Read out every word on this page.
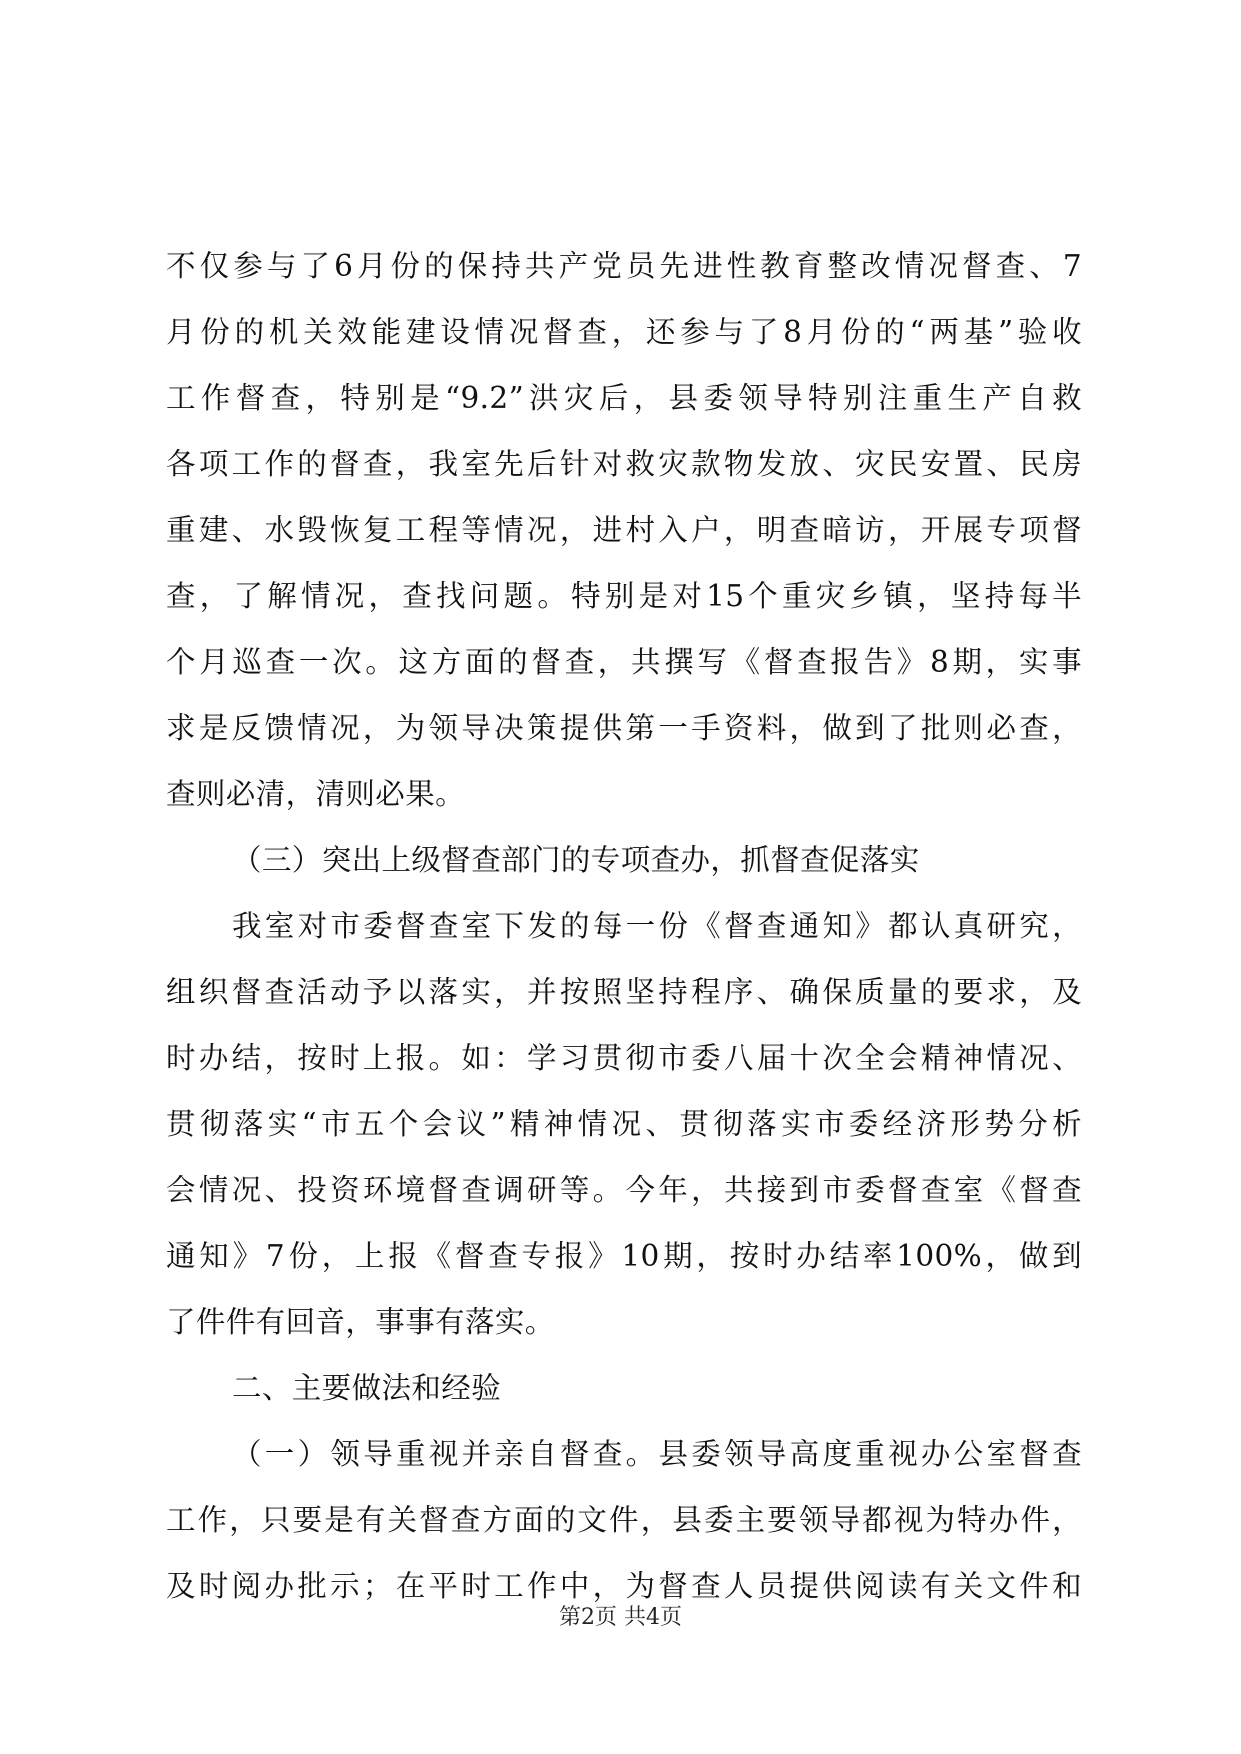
不仅参与了6月份的保持共产党员先进性教育整改情况督查、7
月份的机关效能建设情况督查，还参与了8月份的“两基”验收
工作督查，特别是“9.2”洪灾后，县委领导特别注重生产自救
各项工作的督查，我室先后针对救灾款物发放、灾民安置、民房
重建、水毁恢复工程等情况，进村入户，明查暗访，开展专项督
查，了解情况，查找问题。特别是对15个重灾乡镇，坚持每半
个月巡查一次。这方面的督查，共撰写《督查报告》8期，实事
求是反馈情况，为领导决策提供第一手资料，做到了批则必查，
查则必清，清则必果。
（三）突出上级督查部门的专项查办，抓督查促落实
我室对市委督查室下发的每一份《督查通知》都认真研究，
组织督查活动予以落实，并按照坚持程序、确保质量的要求，及
时办结，按时上报。如：学习贯彻市委八届十次全会精神情况、
贯彻落实“市五个会议”精神情况、贯彻落实市委经济形势分析
会情况、投资环境督查调研等。今年，共接到市委督查室《督查
通知》7份，上报《督查专报》10期，按时办结率100%，做到
了件件有回音，事事有落实。
二、主要做法和经验
（一）领导重视并亲自督查。县委领导高度重视办公室督查
工作，只要是有关督查方面的文件，县委主要领导都视为特办件，
及时阅办批示；在平时工作中，为督查人员提供阅读有关文件和
第2页 共4页
